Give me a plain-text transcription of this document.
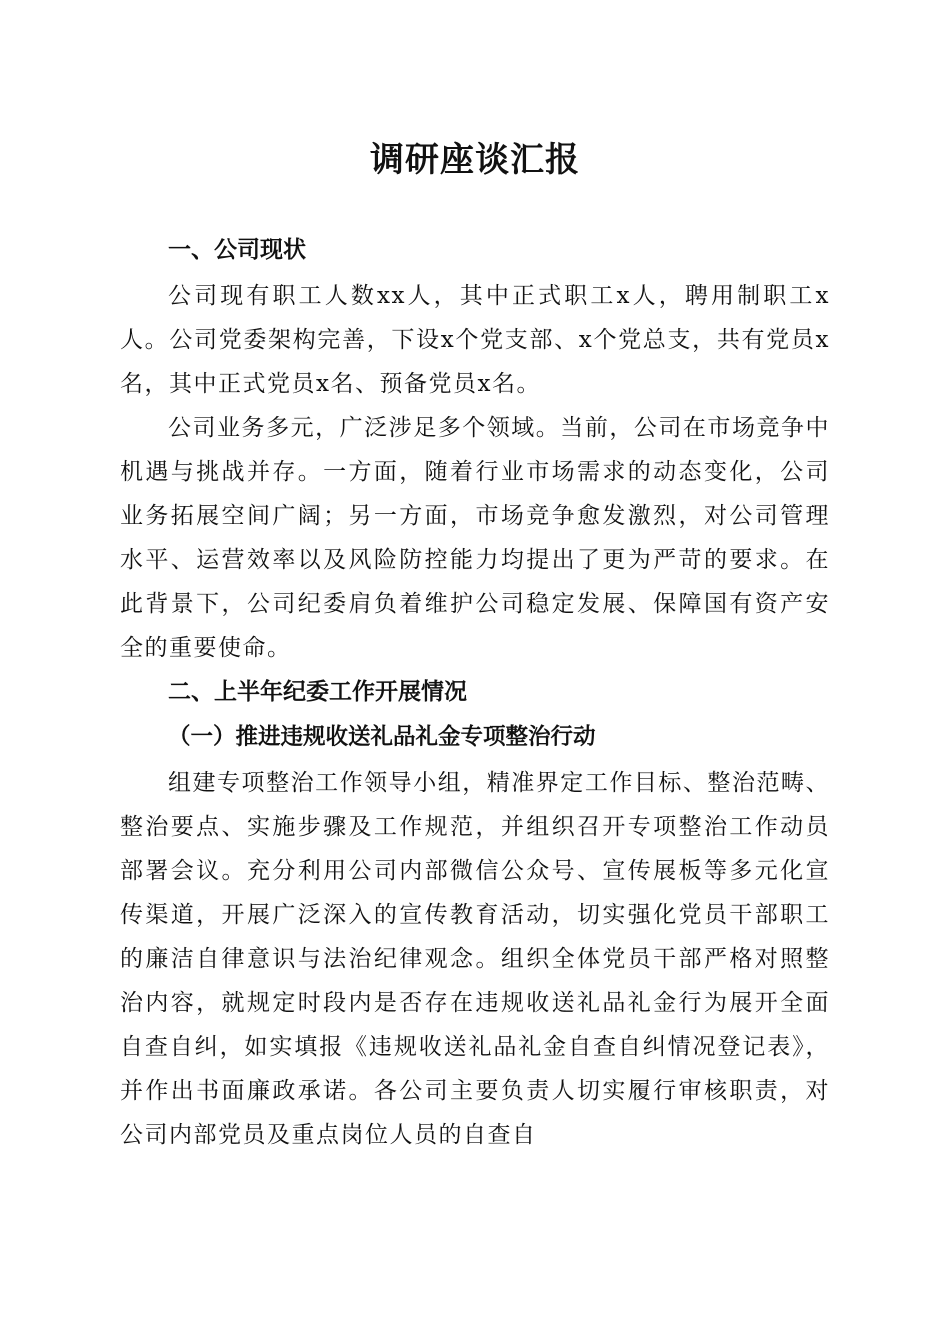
调研座谈汇报

一、公司现状

公司现有职工人数xx人，其中正式职工x人，聘用制职工x人。公司党委架构完善，下设x个党支部、x个党总支，共有党员x名，其中正式党员x名、预备党员x名。

公司业务多元，广泛涉足多个领域。当前，公司在市场竞争中机遇与挑战并存。一方面，随着行业市场需求的动态变化，公司业务拓展空间广阔；另一方面，市场竞争愈发激烈，对公司管理水平、运营效率以及风险防控能力均提出了更为严苛的要求。在此背景下，公司纪委肩负着维护公司稳定发展、保障国有资产安全的重要使命。

二、上半年纪委工作开展情况

（一）推进违规收送礼品礼金专项整治行动

组建专项整治工作领导小组，精准界定工作目标、整治范畴、整治要点、实施步骤及工作规范，并组织召开专项整治工作动员部署会议。充分利用公司内部微信公众号、宣传展板等多元化宣传渠道，开展广泛深入的宣传教育活动，切实强化党员干部职工的廉洁自律意识与法治纪律观念。组织全体党员干部严格对照整治内容，就规定时段内是否存在违规收送礼品礼金行为展开全面自查自纠，如实填报《违规收送礼品礼金自查自纠情况登记表》，并作出书面廉政承诺。各公司主要负责人切实履行审核职责，对公司内部党员及重点岗位人员的自查自
